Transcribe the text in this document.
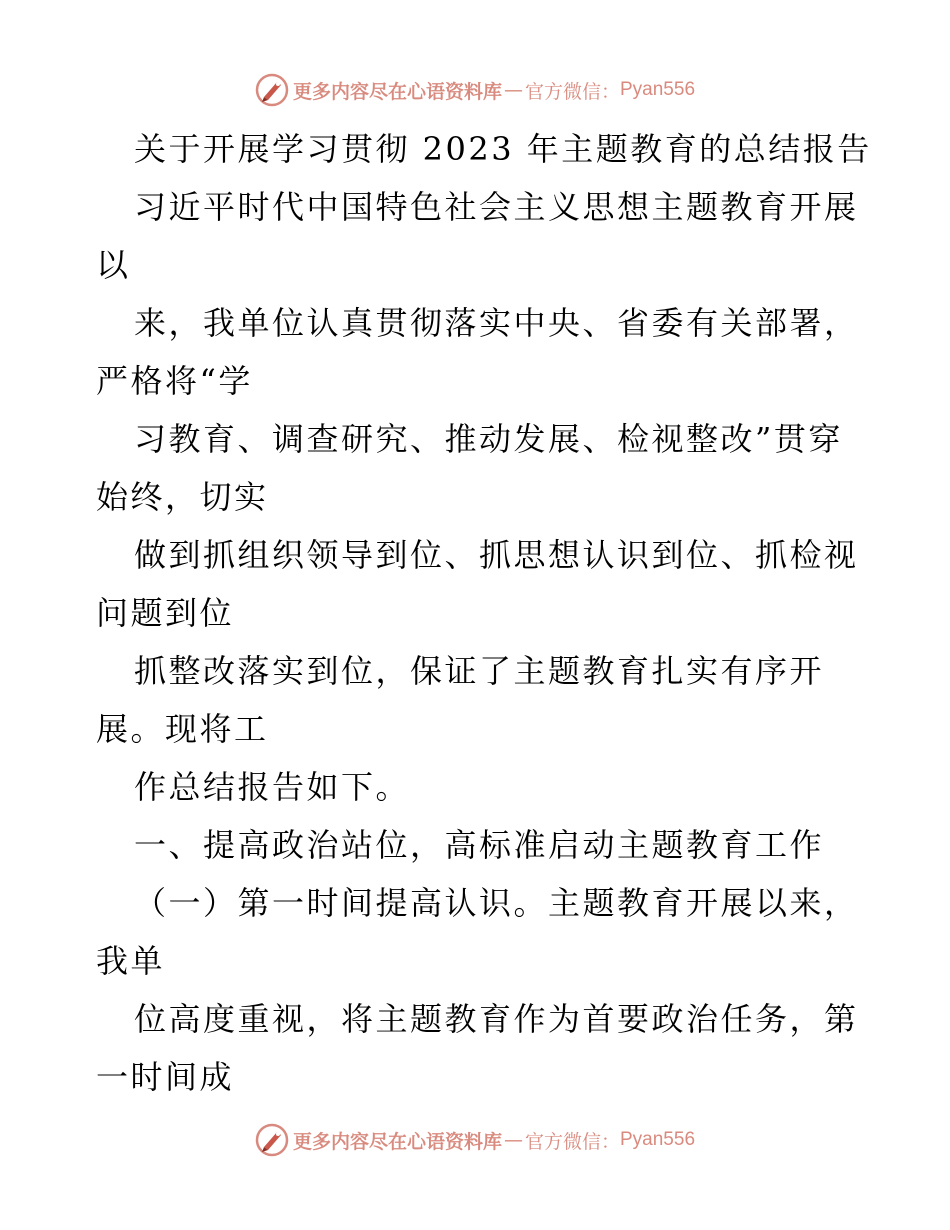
更多内容尽在心语资料库 — 官方微信： Pyan556
关于开展学习贯彻 2023 年主题教育的总结报告
习近平时代中国特色社会主义思想主题教育开展
以
来，我单位认真贯彻落实中央、省委有关部署，
严格将“学
习教育、调查研究、推动发展、检视整改”贯穿
始终，切实
做到抓组织领导到位、抓思想认识到位、抓检视
问题到位
抓整改落实到位，保证了主题教育扎实有序开
展。现将工
作总结报告如下。
一、提高政治站位，高标准启动主题教育工作
（一）第一时间提高认识。主题教育开展以来，
我单
位高度重视，将主题教育作为首要政治任务，第
一时间成
更多内容尽在心语资料库 — 官方微信： Pyan556
